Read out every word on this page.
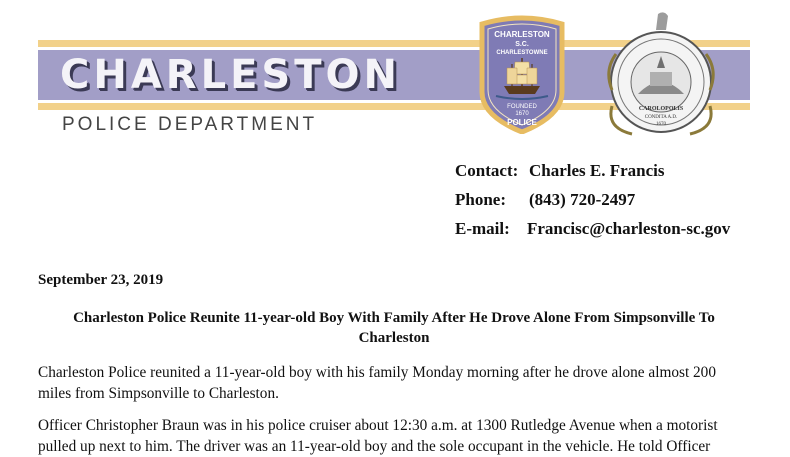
CHARLESTON
POLICE DEPARTMENT
CHARLESTON
S.C.
CHARLESTOWNE
FOUNDED
1670
POLICE
CAROLOPOLIS
CONDITA A.D.
1670
Contact: Charles E. Francis
Phone: (843) 720-2497
E-mail: Francisc@charleston-sc.gov
September 23, 2019
Charleston Police Reunite 11-year-old Boy With Family After He Drove Alone From Simpsonville To
Charleston
Charleston Police reunited a 11-year-old boy with his family Monday morning after he drove alone almost 200
miles from Simpsonville to Charleston.
Officer Christopher Braun was in his police cruiser about 12:30 a.m. at 1300 Rutledge Avenue when a motorist
pulled up next to him. The driver was an 11-year-old boy and the sole occupant in the vehicle. He told Officer
